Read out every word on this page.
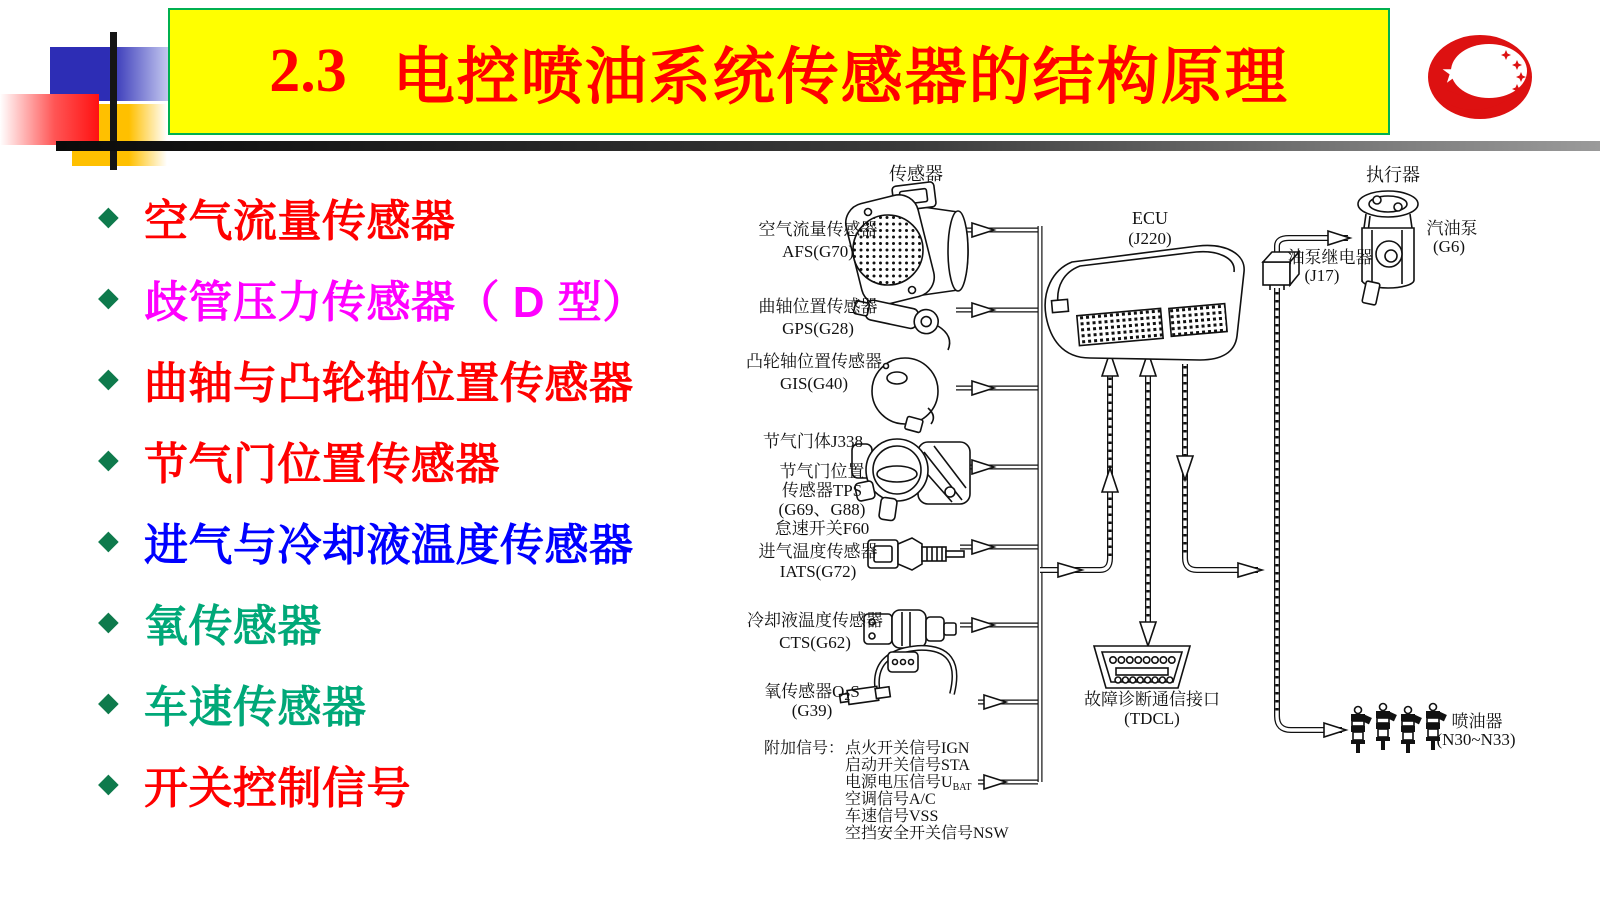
2.3 电控喷油系统传感器的结构原理
◆ 空气流量传感器
◆ 歧管压力传感器（ D 型）
◆ 曲轴与凸轮轴位置传感器
◆ 节气门位置传感器
◆ 进气与冷却液温度传感器
◆ 氧传感器
◆ 车速传感器
◆ 开关控制信号
传感器	执行器
空气流量传感器
AFS(G70)
曲轴位置传感器
GPS(G28)
凸轮轴位置传感器
GIS(G40)
节气门体J338
节气门位置
传感器TPS
(G69、G88)
怠速开关F60
进气温度传感器
IATS(G72)
冷却液温度传感器
CTS(G62)
氧传感器O2S
(G39)
附加信号： 点火开关信号IGN
启动开关信号STA
电源电压信号UBAT
空调信号A/C
车速信号VSS
空挡安全开关信号NSW
ECU
(J220)
油泵继电器
(J17)
汽油泵
(G6)
故障诊断通信接口
(TDCL)	喷油器
(N30~N33)
